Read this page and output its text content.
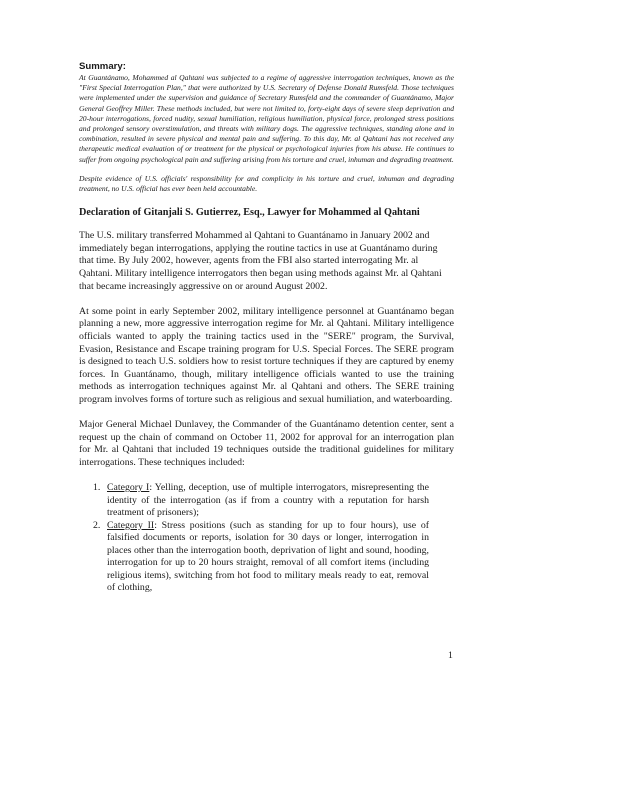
Summary:

At Guantánamo, Mohammed al Qahtani was subjected to a regime of aggressive interrogation techniques, known as the "First Special Interrogation Plan," that were authorized by U.S. Secretary of Defense Donald Rumsfeld. Those techniques were implemented under the supervision and guidance of Secretary Rumsfeld and the commander of Guantánamo, Major General Geoffrey Miller. These methods included, but were not limited to, forty-eight days of severe sleep deprivation and 20-hour interrogations, forced nudity, sexual humiliation, religious humiliation, physical force, prolonged stress positions and prolonged sensory overstimulation, and threats with military dogs. The aggressive techniques, standing alone and in combination, resulted in severe physical and mental pain and suffering. To this day, Mr. al Qahtani has not received any therapeutic medical evaluation of or treatment for the physical or psychological injuries from his abuse. He continues to suffer from ongoing psychological pain and suffering arising from his torture and cruel, inhuman and degrading treatment.

Despite evidence of U.S. officials' responsibility for and complicity in his torture and cruel, inhuman and degrading treatment, no U.S. official has ever been held accountable.

Declaration of Gitanjali S. Gutierrez, Esq., Lawyer for Mohammed al Qahtani

The U.S. military transferred Mohammed al Qahtani to Guantánamo in January 2002 and immediately began interrogations, applying the routine tactics in use at Guantánamo during that time. By July 2002, however, agents from the FBI also started interrogating Mr. al Qahtani. Military intelligence interrogators then began using methods against Mr. al Qahtani that became increasingly aggressive on or around August 2002.

At some point in early September 2002, military intelligence personnel at Guantánamo began planning a new, more aggressive interrogation regime for Mr. al Qahtani. Military intelligence officials wanted to apply the training tactics used in the "SERE" program, the Survival, Evasion, Resistance and Escape training program for U.S. Special Forces. The SERE program is designed to teach U.S. soldiers how to resist torture techniques if they are captured by enemy forces. In Guantánamo, though, military intelligence officials wanted to use the training methods as interrogation techniques against Mr. al Qahtani and others. The SERE training program involves forms of torture such as religious and sexual humiliation, and waterboarding.

Major General Michael Dunlavey, the Commander of the Guantánamo detention center, sent a request up the chain of command on October 11, 2002 for approval for an interrogation plan for Mr. al Qahtani that included 19 techniques outside the traditional guidelines for military interrogations. These techniques included:

1. Category I: Yelling, deception, use of multiple interrogators, misrepresenting the identity of the interrogation (as if from a country with a reputation for harsh treatment of prisoners);
2. Category II: Stress positions (such as standing for up to four hours), use of falsified documents or reports, isolation for 30 days or longer, interrogation in places other than the interrogation booth, deprivation of light and sound, hooding, interrogation for up to 20 hours straight, removal of all comfort items (including religious items), switching from hot food to military meals ready to eat, removal of clothing,
1
